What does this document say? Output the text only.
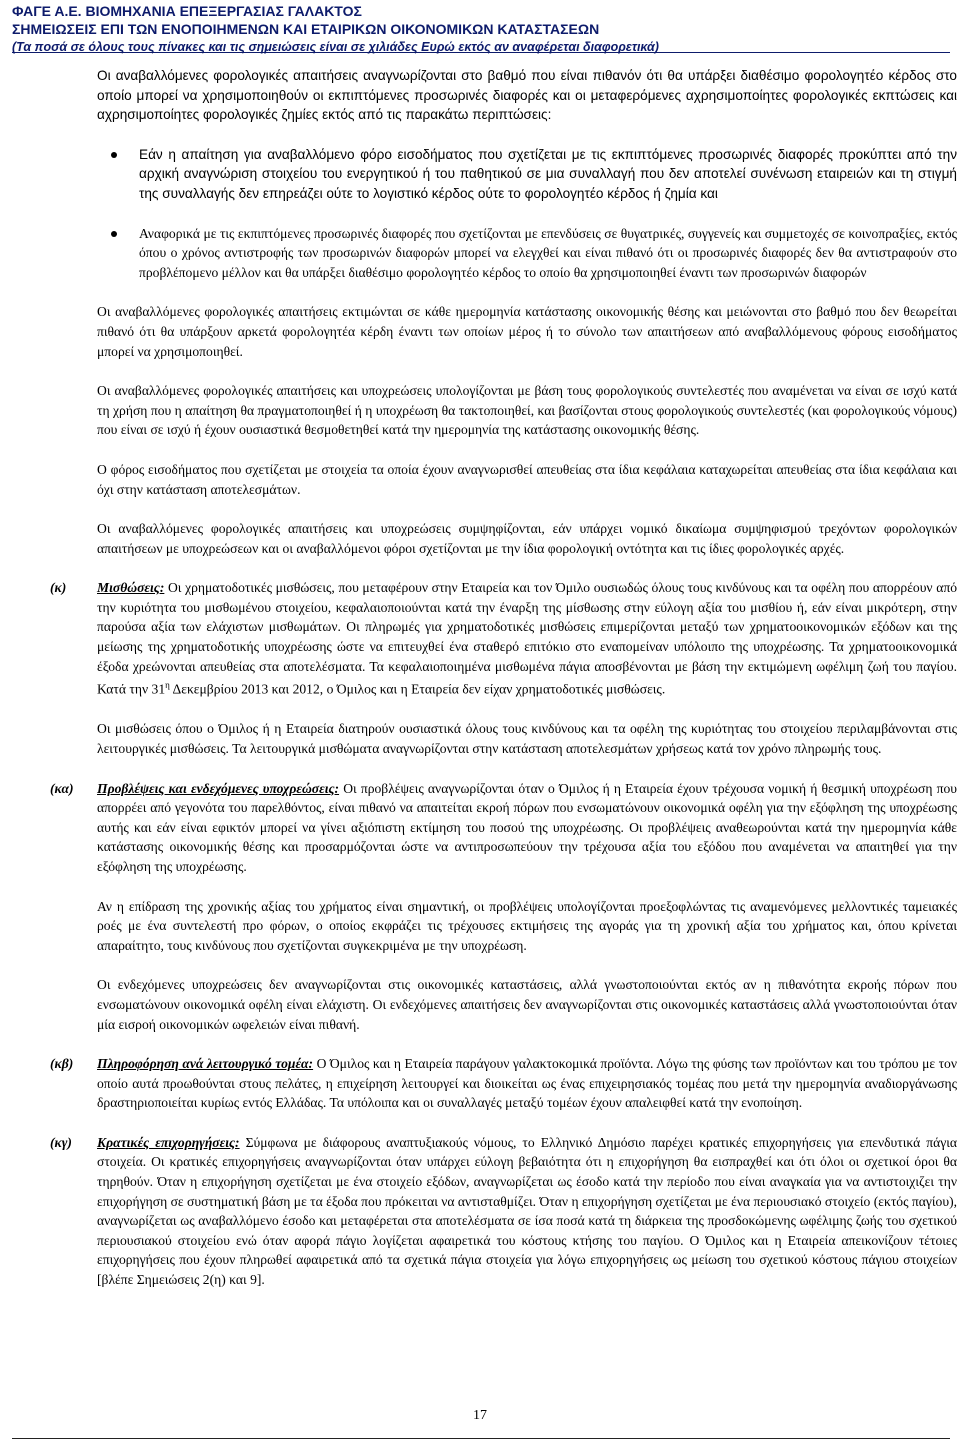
ΦΑΓΕ Α.Ε. ΒΙΟΜΗΧΑΝΙΑ ΕΠΕΞΕΡΓΑΣΙΑΣ ΓΑΛΑΚΤΟΣ
ΣΗΜΕΙΩΣΕΙΣ ΕΠΙ ΤΩΝ ΕΝΟΠΟΙΗΜΕΝΩΝ ΚΑΙ ΕΤΑΙΡΙΚΩΝ ΟΙΚΟΝΟΜΙΚΩΝ ΚΑΤΑΣΤΑΣΕΩΝ
(Τα ποσά σε όλους τους πίνακες και τις σημειώσεις είναι σε χιλιάδες Ευρώ εκτός αν αναφέρεται διαφορετικά)

Οι αναβαλλόμενες φορολογικές απαιτήσεις αναγνωρίζονται στο βαθμό που είναι πιθανόν ότι θα υπάρξει διαθέσιμο φορολογητέο κέρδος στο οποίο μπορεί να χρησιμοποιηθούν οι εκπιπτόμενες προσωρινές διαφορές και οι μεταφερόμενες αχρησιμοποίητες φορολογικές εκπτώσεις και αχρησιμοποίητες φορολογικές ζημίες εκτός από τις παρακάτω περιπτώσεις:

Εάν η απαίτηση για αναβαλλόμενο φόρο εισοδήματος που σχετίζεται με τις εκπιπτόμενες προσωρινές διαφορές προκύπτει από την αρχική αναγνώριση στοιχείου του ενεργητικού ή του παθητικού σε μια συναλλαγή που δεν αποτελεί συνένωση εταιρειών και τη στιγμή της συναλλαγής δεν επηρεάζει ούτε το λογιστικό κέρδος ούτε το φορολογητέο κέρδος ή ζημία και

Αναφορικά με τις εκπιπτόμενες προσωρινές διαφορές που σχετίζονται με επενδύσεις σε θυγατρικές, συγγενείς και συμμετοχές σε κοινοπραξίες, εκτός όπου ο χρόνος αντιστροφής των προσωρινών διαφορών μπορεί να ελεγχθεί και είναι πιθανό ότι οι προσωρινές διαφορές δεν θα αντιστραφούν στο προβλέπομενο μέλλον και θα υπάρξει διαθέσιμο φορολογητέο κέρδος το οποίο θα χρησιμοποιηθεί έναντι των προσωρινών διαφορών

Οι αναβαλλόμενες φορολογικές απαιτήσεις εκτιμώνται σε κάθε ημερομηνία κατάστασης οικονομικής θέσης και μειώνονται στο βαθμό που δεν θεωρείται πιθανό ότι θα υπάρξουν αρκετά φορολογητέα κέρδη έναντι των οποίων μέρος ή το σύνολο των απαιτήσεων από αναβαλλόμενους φόρους εισοδήματος μπορεί να χρησιμοποιηθεί.

Οι αναβαλλόμενες φορολογικές απαιτήσεις και υποχρεώσεις υπολογίζονται με βάση τους φορολογικούς συντελεστές που αναμένεται να είναι σε ισχύ κατά τη χρήση που η απαίτηση θα πραγματοποιηθεί ή η υποχρέωση θα τακτοποιηθεί, και βασίζονται στους φορολογικούς συντελεστές (και φορολογικούς νόμους) που είναι σε ισχύ ή έχουν ουσιαστικά θεσμοθετηθεί κατά την ημερομηνία της κατάστασης οικονομικής θέσης.

Ο φόρος εισοδήματος που σχετίζεται με στοιχεία τα οποία έχουν αναγνωρισθεί απευθείας στα ίδια κεφάλαια καταχωρείται απευθείας στα ίδια κεφάλαια και όχι στην κατάσταση αποτελεσμάτων.

Οι αναβαλλόμενες φορολογικές απαιτήσεις και υποχρεώσεις συμψηφίζονται, εάν υπάρχει νομικό δικαίωμα συμψηφισμού τρεχόντων φορολογικών απαιτήσεων με υποχρεώσεων και οι αναβαλλόμενοι φόροι σχετίζονται με την ίδια φορολογική οντότητα και τις ίδιες φορολογικές αρχές.

(κ) Μισθώσεις: Οι χρηματοδοτικές μισθώσεις, που μεταφέρουν στην Εταιρεία και τον Όμιλο ουσιωδώς όλους τους κινδύνους και τα οφέλη που απορρέουν από την κυριότητα του μισθωμένου στοιχείου, κεφαλαιοποιούνται κατά την έναρξη της μίσθωσης στην εύλογη αξία του μισθίου ή, εάν είναι μικρότερη, στην παρούσα αξία των ελάχιστων μισθωμάτων. Οι πληρωμές για χρηματοδοτικές μισθώσεις επιμερίζονται μεταξύ των χρηματοοικονομικών εξόδων και της μείωσης της χρηματοδοτικής υποχρέωσης ώστε να επιτευχθεί ένα σταθερό επιτόκιο στο εναπομείναν υπόλοιπο της υποχρέωσης. Τα χρηματοοικονομικά έξοδα χρεώνονται απευθείας στα αποτελέσματα. Τα κεφαλαιοποιημένα μισθωμένα πάγια αποσβένονται με βάση την εκτιμώμενη ωφέλιμη ζωή του παγίου. Κατά την $31^\eta$ Δεκεμβρίου 2013 και 2012, ο Όμιλος και η Εταιρεία δεν είχαν χρηματοδοτικές μισθώσεις.

Οι μισθώσεις όπου ο Όμιλος ή η Εταιρεία διατηρούν ουσιαστικά όλους τους κινδύνους και τα οφέλη της κυριότητας του στοιχείου περιλαμβάνονται στις λειτουργικές μισθώσεις. Τα λειτουργικά μισθώματα αναγνωρίζονται στην κατάσταση αποτελεσμάτων χρήσεως κατά τον χρόνο πληρωμής τους.

(κα) Προβλέψεις και ενδεχόμενες υποχρεώσεις: Οι προβλέψεις αναγνωρίζονται όταν ο Όμιλος ή η Εταιρεία έχουν τρέχουσα νομική ή θεσμική υποχρέωση που απορρέει από γεγονότα του παρελθόντος, είναι πιθανό να απαιτείται εκροή πόρων που ενσωματώνουν οικονομικά οφέλη για την εξόφληση της υποχρέωσης αυτής και εάν είναι εφικτόν μπορεί να γίνει αξιόπιστη εκτίμηση του ποσού της υποχρέωσης. Οι προβλέψεις αναθεωρούνται κατά την ημερομηνία κάθε κατάστασης οικονομικής θέσης και προσαρμόζονται ώστε να αντιπροσωπεύουν την τρέχουσα αξία του εξόδου που αναμένεται να απαιτηθεί για την εξόφληση της υποχρέωσης.

Αν η επίδραση της χρονικής αξίας του χρήματος είναι σημαντική, οι προβλέψεις υπολογίζονται προεξοφλώντας τις αναμενόμενες μελλοντικές ταμειακές ροές με ένα συντελεστή προ φόρων, ο οποίος εκφράζει τις τρέχουσες εκτιμήσεις της αγοράς για τη χρονική αξία του χρήματος και, όπου κρίνεται απαραίτητο, τους κινδύνους που σχετίζονται συγκεκριμένα με την υποχρέωση.

Οι ενδεχόμενες υποχρεώσεις δεν αναγνωρίζονται στις οικονομικές καταστάσεις, αλλά γνωστοποιούνται εκτός αν η πιθανότητα εκροής πόρων που ενσωματώνουν οικονομικά οφέλη είναι ελάχιστη. Οι ενδεχόμενες απαιτήσεις δεν αναγνωρίζονται στις οικονομικές καταστάσεις αλλά γνωστοποιούνται όταν μία εισροή οικονομικών ωφελειών είναι πιθανή.

(κβ) Πληροφόρηση ανά λειτουργικό τομέα: Ο Όμιλος και η Εταιρεία παράγουν γαλακτοκομικά προϊόντα. Λόγω της φύσης των προϊόντων και του τρόπου με τον οποίο αυτά προωθούνται στους πελάτες, η επιχείρηση λειτουργεί και διοικείται ως ένας επιχειρησιακός τομέας που μετά την ημερομηνία αναδιοργάνωσης δραστηριοποιείται κυρίως εντός Ελλάδας. Τα υπόλοιπα και οι συναλλαγές μεταξύ τομέων έχουν απαλειφθεί κατά την ενοποίηση.

(κγ) Κρατικές επιχορηγήσεις: Σύμφωνα με διάφορους αναπτυξιακούς νόμους, το Ελληνικό Δημόσιο παρέχει κρατικές επιχορηγήσεις για επενδυτικά πάγια στοιχεία. Οι κρατικές επιχορηγήσεις αναγνωρίζονται όταν υπάρχει εύλογη βεβαιότητα ότι η επιχορήγηση θα εισπραχθεί και ότι όλοι οι σχετικοί όροι θα τηρηθούν. Όταν η επιχορήγηση σχετίζεται με ένα στοιχείο εξόδων, αναγνωρίζεται ως έσοδο κατά την περίοδο που είναι αναγκαία για να αντιστοιχιζει την επιχορήγηση σε συστηματική βάση με τα έξοδα που πρόκειται να αντισταθμίζει. Όταν η επιχορήγηση σχετίζεται με ένα περιουσιακό στοιχείο (εκτός παγίου), αναγνωρίζεται ως αναβαλλόμενο έσοδο και μεταφέρεται στα αποτελέσματα σε ίσα ποσά κατά τη διάρκεια της προσδοκώμενης ωφέλιμης ζωής του σχετικού περιουσιακού στοιχείου ενώ όταν αφορά πάγιο λογίζεται αφαιρετικά του κόστους κτήσης του παγίου. Ο Όμιλος και η Εταιρεία απεικονίζουν τέτοιες επιχορηγήσεις που έχουν πληρωθεί αφαιρετικά από τα σχετικά πάγια στοιχεία για λόγω επιχορηγήσεις ως μείωση του σχετικού κόστους πάγιου στοιχείων [βλέπε Σημειώσεις 2(η) και 9].

17
